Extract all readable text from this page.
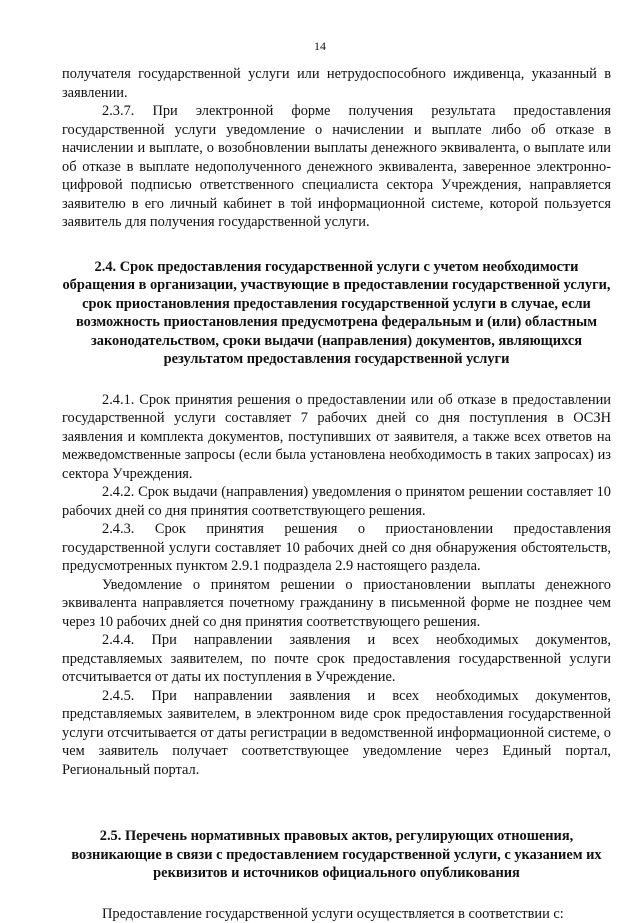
14

получателя государственной услуги или нетрудоспособного иждивенца, указанный в заявлении.

2.3.7. При электронной форме получения результата предоставления государственной услуги уведомление о начислении и выплате либо об отказе в начислении и выплате, о возобновлении выплаты денежного эквивалента, о выплате или об отказе в выплате недополученного денежного эквивалента, заверенное электронно-цифровой подписью ответственного специалиста сектора Учреждения, направляется заявителю в его личный кабинет в той информационной системе, которой пользуется заявитель для получения государственной услуги.

2.4. Срок предоставления государственной услуги с учетом необходимости обращения в организации, участвующие в предоставлении государственной услуги, срок приостановления предоставления государственной услуги в случае, если возможность приостановления предусмотрена федеральным и (или) областным законодательством, сроки выдачи (направления) документов, являющихся результатом предоставления государственной услуги

2.4.1. Срок принятия решения о предоставлении или об отказе в предоставлении государственной услуги составляет 7 рабочих дней со дня поступления в ОСЗН заявления и комплекта документов, поступивших от заявителя, а также всех ответов на межведомственные запросы (если была установлена необходимость в таких запросах) из сектора Учреждения.

2.4.2. Срок выдачи (направления) уведомления о принятом решении составляет 10 рабочих дней со дня принятия соответствующего решения.

2.4.3. Срок принятия решения о приостановлении предоставления государственной услуги составляет 10 рабочих дней со дня обнаружения обстоятельств, предусмотренных пунктом 2.9.1 подраздела 2.9 настоящего раздела.

Уведомление о принятом решении о приостановлении выплаты денежного эквивалента направляется почетному гражданину в письменной форме не позднее чем через 10 рабочих дней со дня принятия соответствующего решения.

2.4.4. При направлении заявления и всех необходимых документов, представляемых заявителем, по почте срок предоставления государственной услуги отсчитывается от даты их поступления в Учреждение.

2.4.5. При направлении заявления и всех необходимых документов, представляемых заявителем, в электронном виде срок предоставления государственной услуги отсчитывается от даты регистрации в ведомственной информационной системе, о чем заявитель получает соответствующее уведомление через Единый портал, Региональный портал.

2.5. Перечень нормативных правовых актов, регулирующих отношения, возникающие в связи с предоставлением государственной услуги, с указанием их реквизитов и источников официального опубликования

Предоставление государственной услуги осуществляется в соответствии с:
